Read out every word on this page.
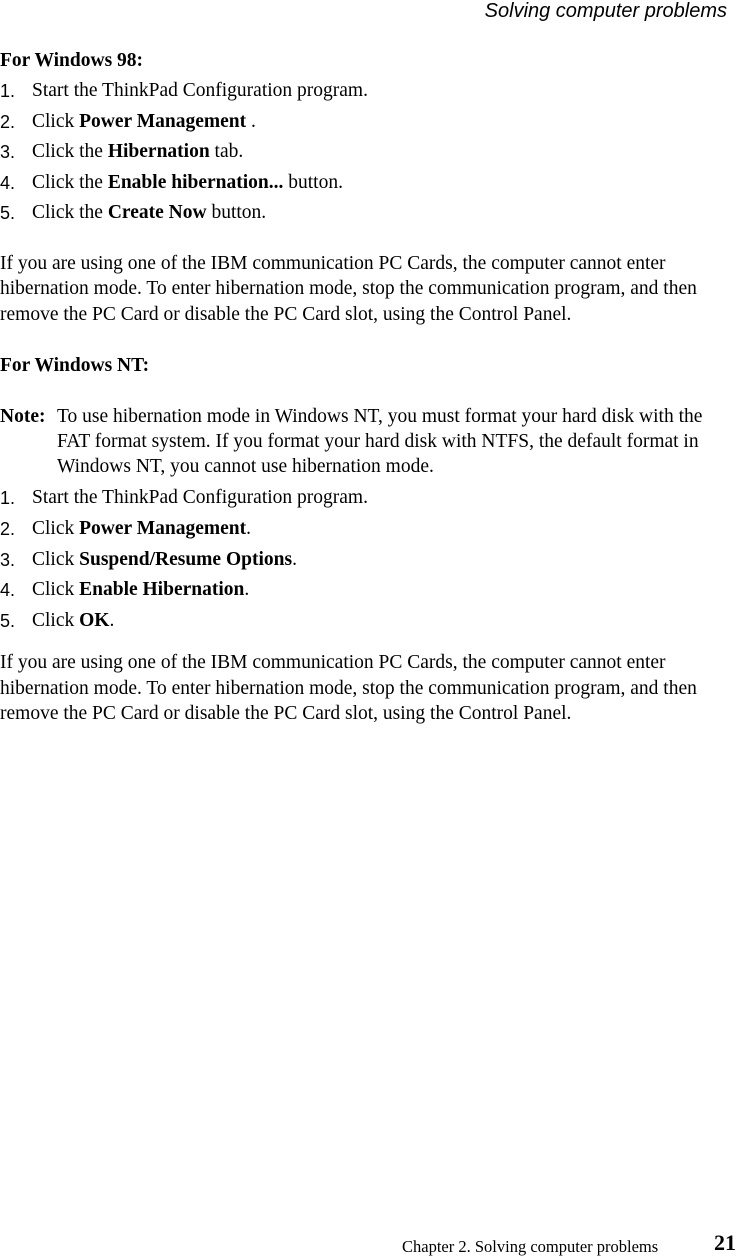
Solving computer problems

For Windows 98:

1. Start the ThinkPad Configuration program.
2. Click Power Management .
3. Click the Hibernation tab.
4. Click the Enable hibernation... button.
5. Click the Create Now button.

If you are using one of the IBM communication PC Cards, the computer cannot enter hibernation mode. To enter hibernation mode, stop the communication program, and then remove the PC Card or disable the PC Card slot, using the Control Panel.

For Windows NT:

Note: To use hibernation mode in Windows NT, you must format your hard disk with the FAT format system. If you format your hard disk with NTFS, the default format in Windows NT, you cannot use hibernation mode.
1. Start the ThinkPad Configuration program.
2. Click Power Management.
3. Click Suspend/Resume Options.
4. Click Enable Hibernation.
5. Click OK.

If you are using one of the IBM communication PC Cards, the computer cannot enter hibernation mode. To enter hibernation mode, stop the communication program, and then remove the PC Card or disable the PC Card slot, using the Control Panel.

Chapter 2. Solving computer problems	21
